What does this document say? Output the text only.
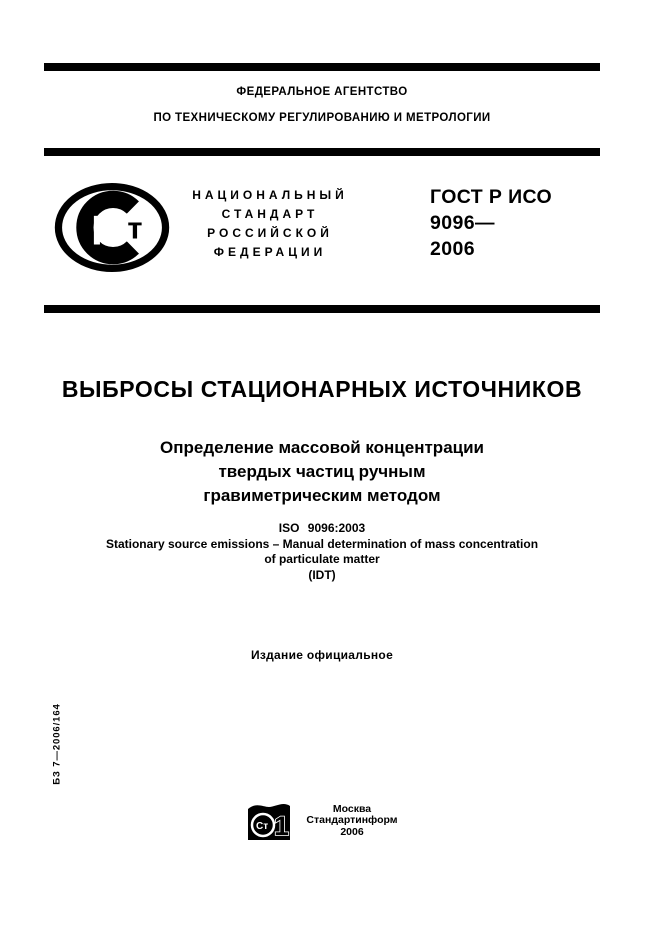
ФЕДЕРАЛЬНОЕ АГЕНТСТВО
ПО ТЕХНИЧЕСКОМУ РЕГУЛИРОВАНИЮ И МЕТРОЛОГИИ
Р т
НАЦИОНАЛЬНЫЙ
СТАНДАРТ
РОССИЙСКОЙ
ФЕДЕРАЦИИ
ГОСТ Р ИСО
9096—
2006
ВЫБРОСЫ СТАЦИОНАРНЫХ ИСТОЧНИКОВ
Определение массовой концентрации
твердых частиц ручным
гравиметрическим методом
ISO 9096:2003
Stationary source emissions – Manual determination of mass concentration
of particulate matter
(IDT)
Издание официальное
БЗ 7—2006/164
Ст 1
Москва
Стандартинформ
2006
